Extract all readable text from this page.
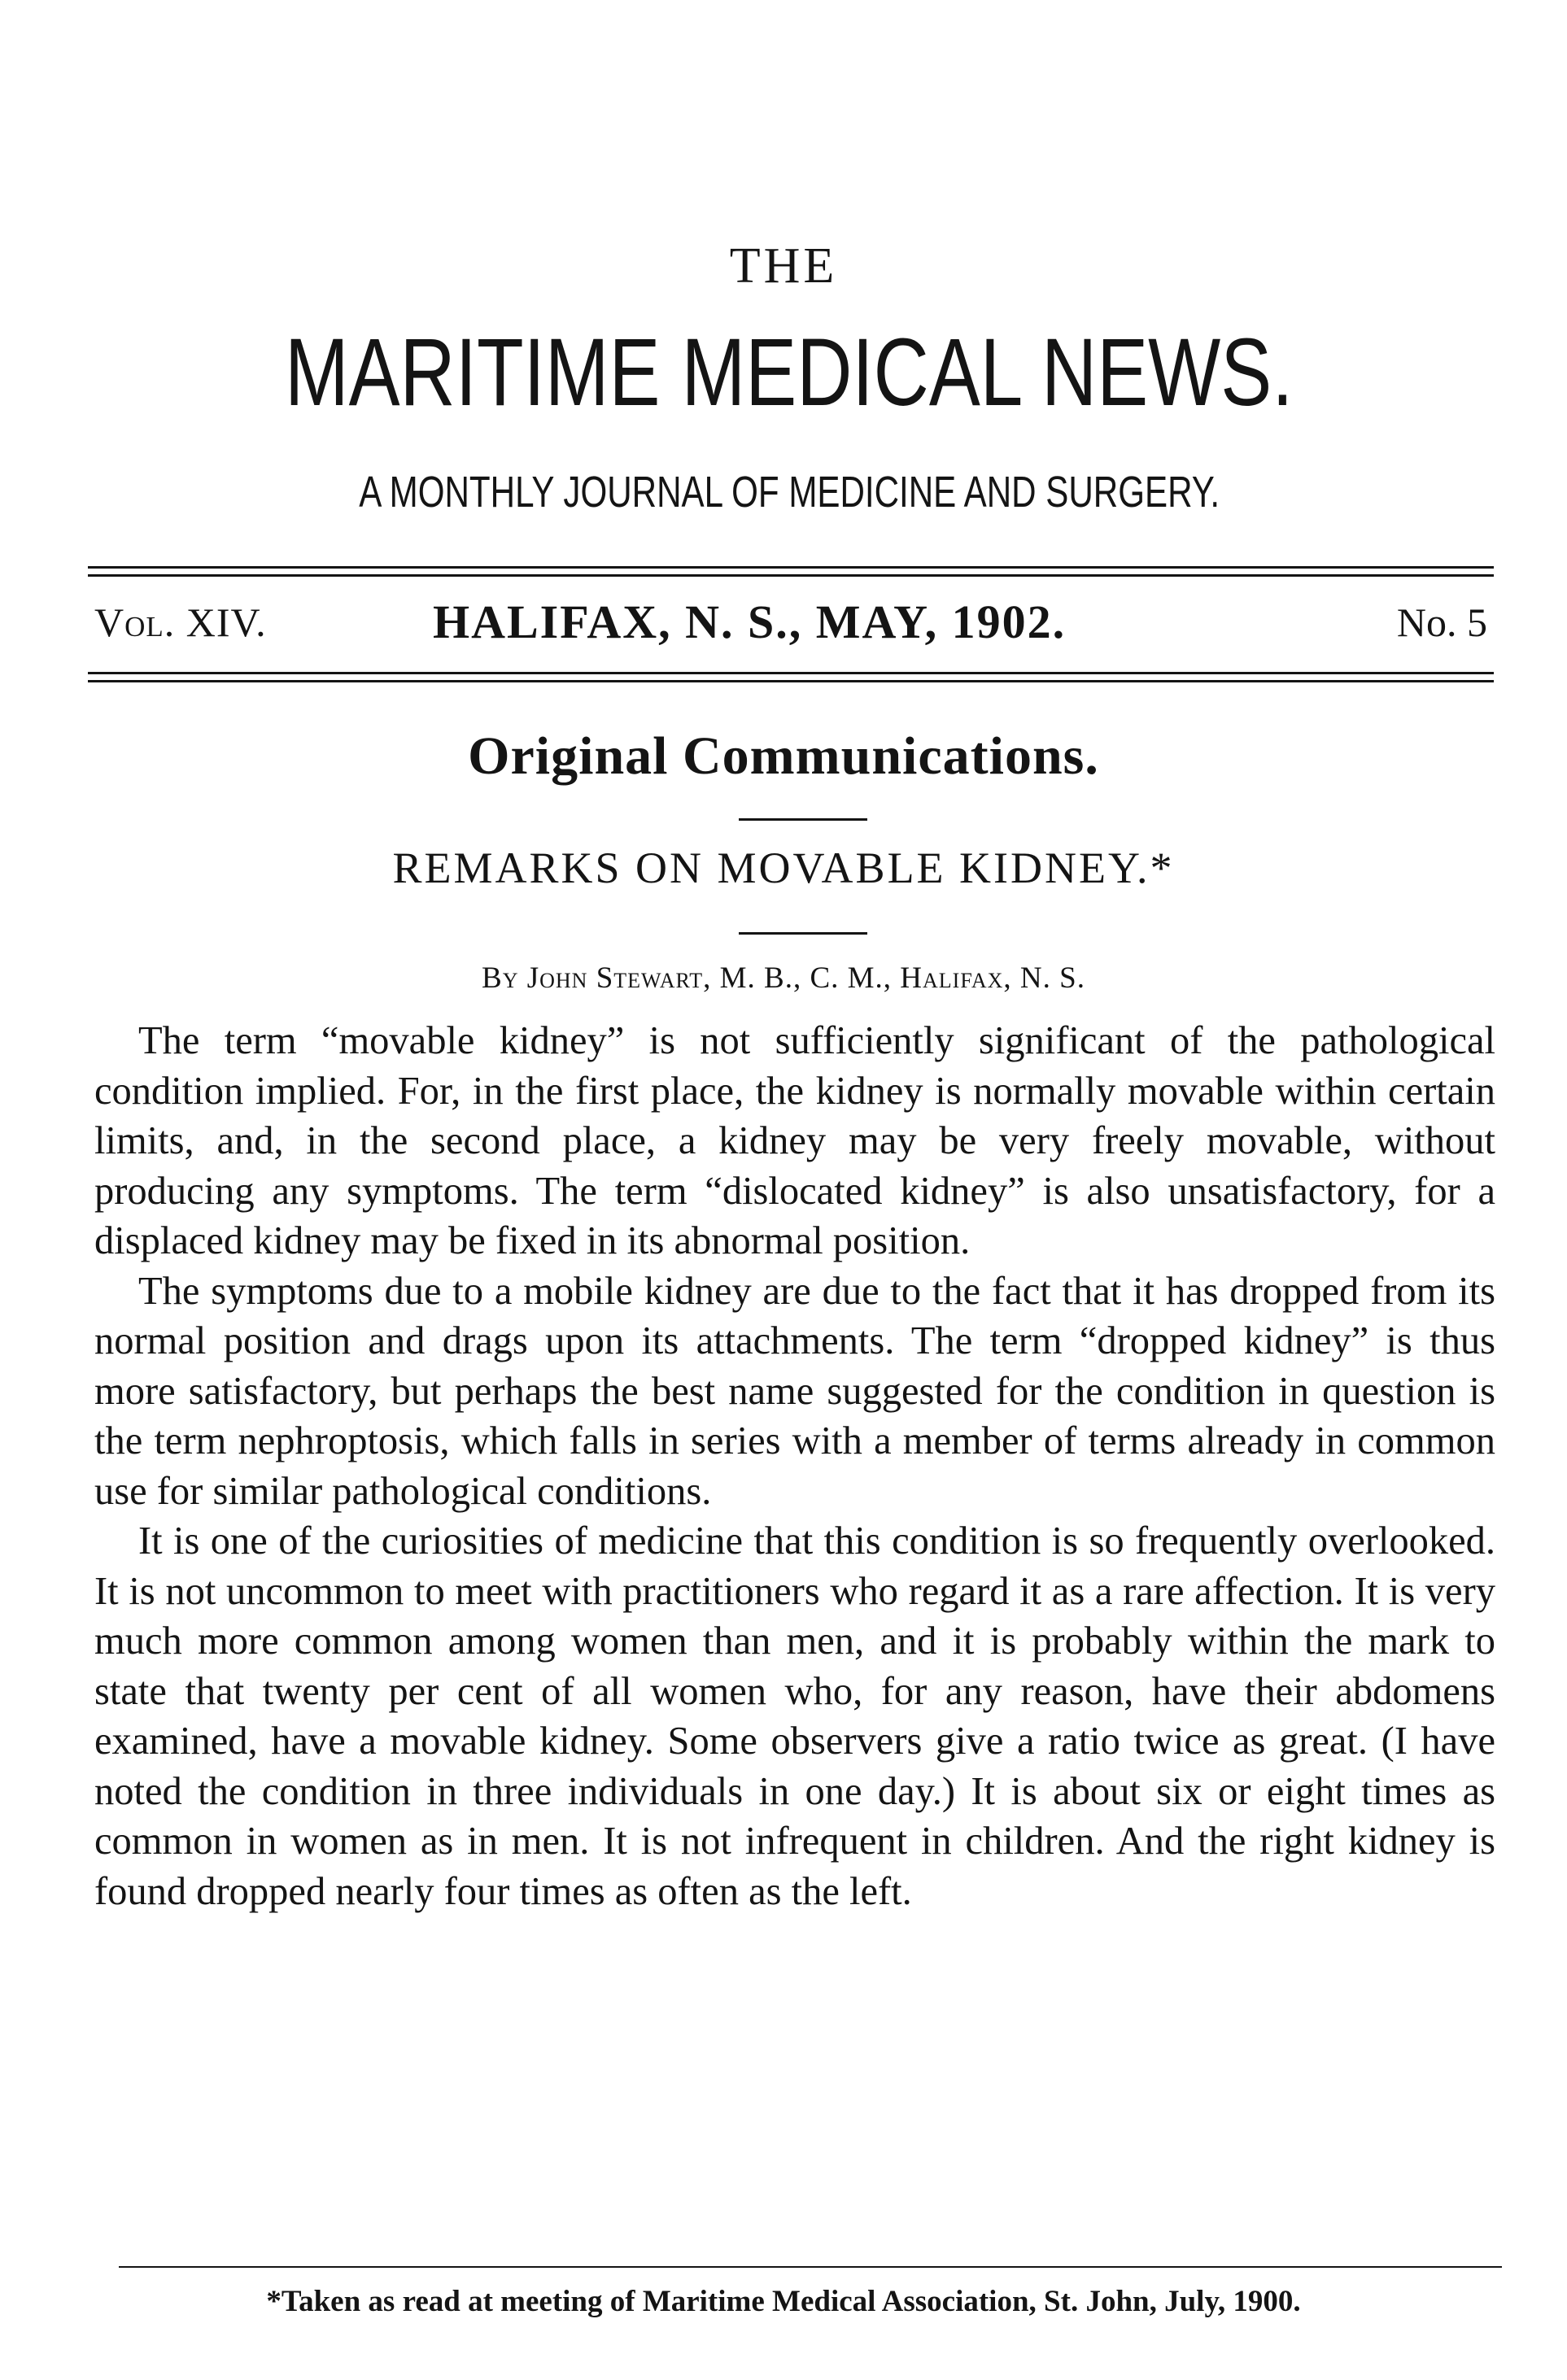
THE
MARITIME MEDICAL NEWS.
A MONTHLY JOURNAL OF MEDICINE AND SURGERY.
Vol. XIV.	HALIFAX, N. S., MAY, 1902.	No. 5
Original Communications.
REMARKS ON MOVABLE KIDNEY.*
By John Stewart, M. B., C. M., Halifax, N. S.

The term “movable kidney” is not sufficiently significant of the pathological condition implied. For, in the first place, the kidney is normally movable within certain limits, and, in the second place, a kidney may be very freely movable, without producing any symptoms. The term “dislocated kidney” is also unsatisfactory, for a displaced kidney may be fixed in its abnormal position.

The symptoms due to a mobile kidney are due to the fact that it has dropped from its normal position and drags upon its attachments. The term “dropped kidney” is thus more satisfactory, but perhaps the best name suggested for the condition in question is the term nephroptosis, which falls in series with a member of terms already in common use for similar pathological conditions.

It is one of the curiosities of medicine that this condition is so frequently overlooked. It is not uncommon to meet with practitioners who regard it as a rare affection. It is very much more common among women than men, and it is probably within the mark to state that twenty per cent of all women who, for any reason, have their abdomens examined, have a movable kidney. Some observers give a ratio twice as great. (I have noted the condition in three individuals in one day.) It is about six or eight times as common in women as in men. It is not infrequent in children. And the right kidney is found dropped nearly four times as often as the left.

*Taken as read at meeting of Maritime Medical Association, St. John, July, 1900.
